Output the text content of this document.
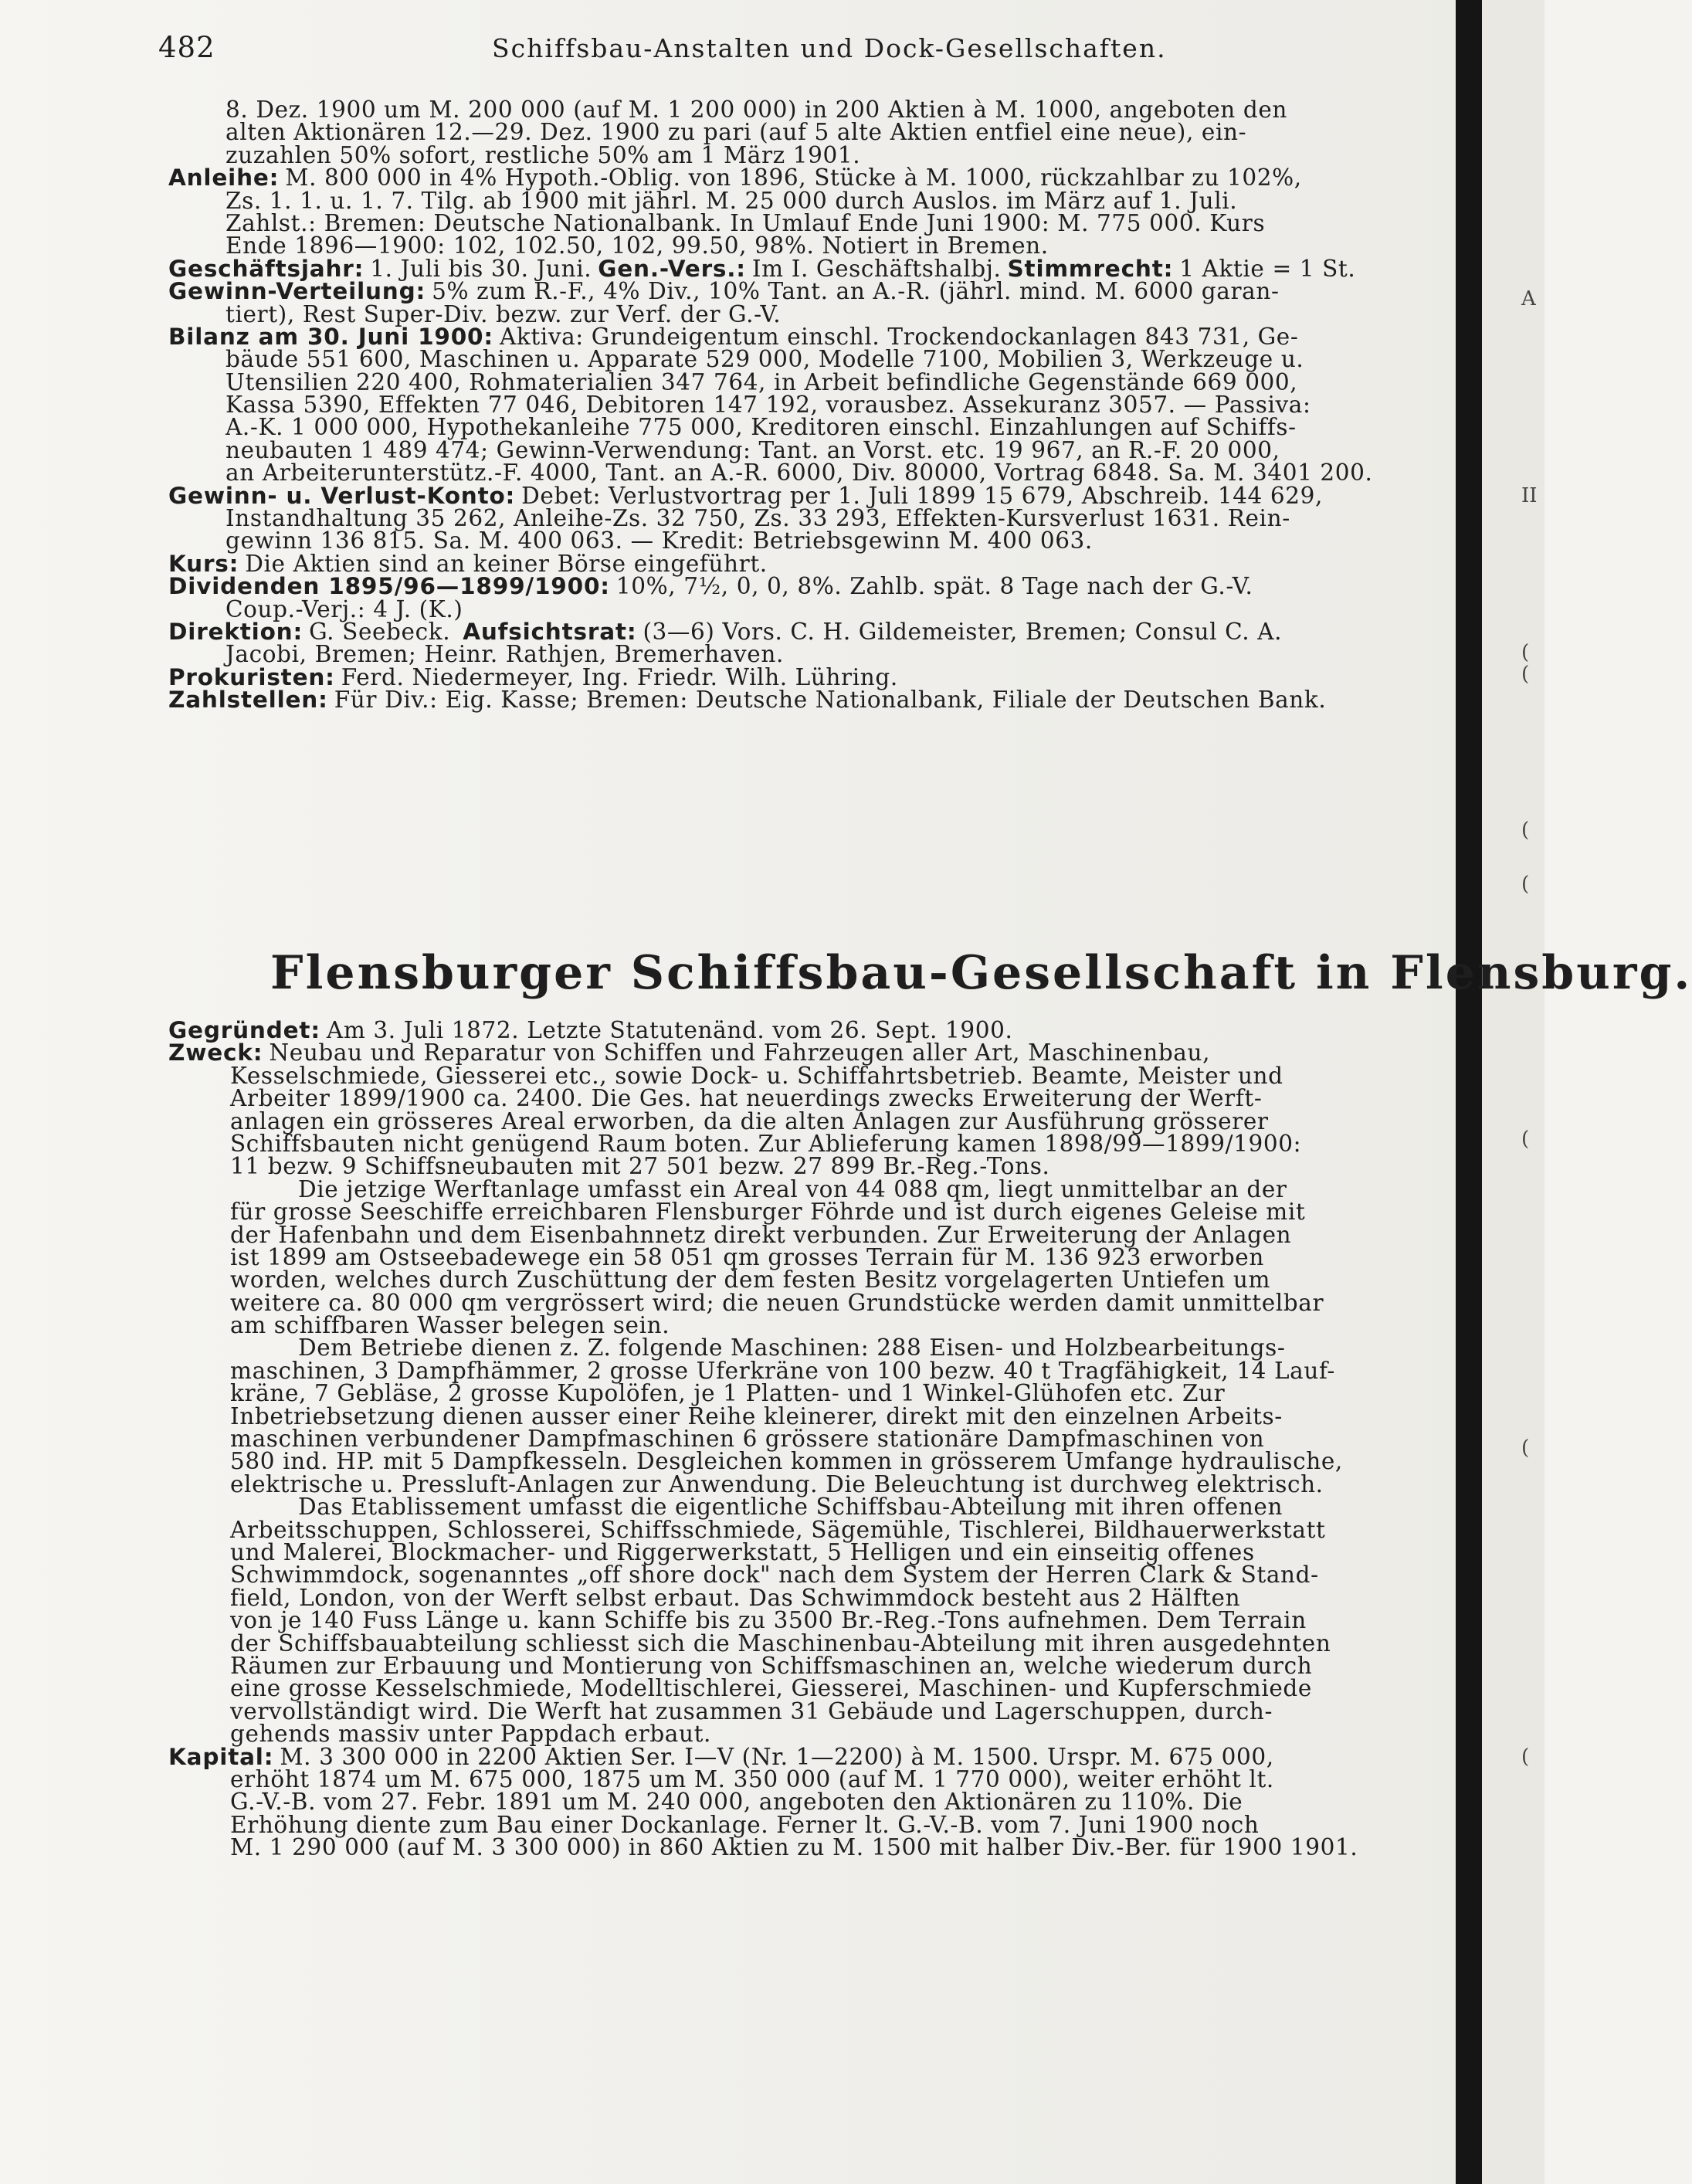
482	Schiffsbau-Anstalten und Dock-Gesellschaften.
8. Dez. 1900 um M. 200 000 (auf M. 1 200 000) in 200 Aktien à M. 1000, angeboten den
alten Aktionären 12.—29. Dez. 1900 zu pari (auf 5 alte Aktien entfiel eine neue), ein-
zuzahlen 50% sofort, restliche 50% am 1 März 1901.
Anleihe: M. 800 000 in 4% Hypoth.-Oblig. von 1896, Stücke à M. 1000, rückzahlbar zu 102%,
Zs. 1. 1. u. 1. 7. Tilg. ab 1900 mit jährl. M. 25 000 durch Auslos. im März auf 1. Juli.
Zahlst.: Bremen: Deutsche Nationalbank. In Umlauf Ende Juni 1900: M. 775 000. Kurs
Ende 1896—1900: 102, 102.50, 102, 99.50, 98%. Notiert in Bremen.
Geschäftsjahr: 1. Juli bis 30. Juni. Gen.-Vers.: Im I. Geschäftshalbj. Stimmrecht: 1 Aktie = 1 St.
Gewinn-Verteilung: 5% zum R.-F., 4% Div., 10% Tant. an A.-R. (jährl. mind. M. 6000 garan-
tiert), Rest Super-Div. bezw. zur Verf. der G.-V.
Bilanz am 30. Juni 1900: Aktiva: Grundeigentum einschl. Trockendockanlagen 843 731, Ge-
bäude 551 600, Maschinen u. Apparate 529 000, Modelle 7100, Mobilien 3, Werkzeuge u.
Utensilien 220 400, Rohmaterialien 347 764, in Arbeit befindliche Gegenstände 669 000,
Kassa 5390, Effekten 77 046, Debitoren 147 192, vorausbez. Assekuranz 3057. — Passiva:
A.-K. 1 000 000, Hypothekanleihe 775 000, Kreditoren einschl. Einzahlungen auf Schiffs-
neubauten 1 489 474; Gewinn-Verwendung: Tant. an Vorst. etc. 19 967, an R.-F. 20 000,
an Arbeiterunterstütz.-F. 4000, Tant. an A.-R. 6000, Div. 80000, Vortrag 6848. Sa. M. 3401 200.
Gewinn- u. Verlust-Konto: Debet: Verlustvortrag per 1. Juli 1899 15 679, Abschreib. 144 629,
Instandhaltung 35 262, Anleihe-Zs. 32 750, Zs. 33 293, Effekten-Kursverlust 1631. Rein-
gewinn 136 815. Sa. M. 400 063. — Kredit: Betriebsgewinn M. 400 063.
Kurs: Die Aktien sind an keiner Börse eingeführt.
Dividenden 1895/96—1899/1900: 10%, 7½, 0, 0, 8%. Zahlb. spät. 8 Tage nach der G.-V.
Coup.-Verj.: 4 J. (K.)
Direktion: G. Seebeck. Aufsichtsrat: (3—6) Vors. C. H. Gildemeister, Bremen; Consul C. A.
Jacobi, Bremen; Heinr. Rathjen, Bremerhaven.
Prokuristen: Ferd. Niedermeyer, Ing. Friedr. Wilh. Lühring.
Zahlstellen: Für Div.: Eig. Kasse; Bremen: Deutsche Nationalbank, Filiale der Deutschen Bank.
Flensburger Schiffsbau-Gesellschaft in Flensburg.
Gegründet: Am 3. Juli 1872. Letzte Statutenänd. vom 26. Sept. 1900.
Zweck: Neubau und Reparatur von Schiffen und Fahrzeugen aller Art, Maschinenbau,
Kesselschmiede, Giesserei etc., sowie Dock- u. Schiffahrtsbetrieb. Beamte, Meister und
Arbeiter 1899/1900 ca. 2400. Die Ges. hat neuerdings zwecks Erweiterung der Werft-
anlagen ein grösseres Areal erworben, da die alten Anlagen zur Ausführung grösserer
Schiffsbauten nicht genügend Raum boten. Zur Ablieferung kamen 1898/99—1899/1900:
11 bezw. 9 Schiffsneubauten mit 27 501 bezw. 27 899 Br.-Reg.-Tons.
Die jetzige Werftanlage umfasst ein Areal von 44 088 qm, liegt unmittelbar an der
für grosse Seeschiffe erreichbaren Flensburger Föhrde und ist durch eigenes Geleise mit
der Hafenbahn und dem Eisenbahnnetz direkt verbunden. Zur Erweiterung der Anlagen
ist 1899 am Ostseebadewege ein 58 051 qm grosses Terrain für M. 136 923 erworben
worden, welches durch Zuschüttung der dem festen Besitz vorgelagerten Untiefen um
weitere ca. 80 000 qm vergrössert wird; die neuen Grundstücke werden damit unmittelbar
am schiffbaren Wasser belegen sein.
Dem Betriebe dienen z. Z. folgende Maschinen: 288 Eisen- und Holzbearbeitungs-
maschinen, 3 Dampfhämmer, 2 grosse Uferkräne von 100 bezw. 40 t Tragfähigkeit, 14 Lauf-
kräne, 7 Gebläse, 2 grosse Kupolöfen, je 1 Platten- und 1 Winkel-Glühofen etc. Zur
Inbetriebsetzung dienen ausser einer Reihe kleinerer, direkt mit den einzelnen Arbeits-
maschinen verbundener Dampfmaschinen 6 grössere stationäre Dampfmaschinen von
580 ind. HP. mit 5 Dampfkesseln. Desgleichen kommen in grösserem Umfange hydraulische,
elektrische u. Pressluft-Anlagen zur Anwendung. Die Beleuchtung ist durchweg elektrisch.
Das Etablissement umfasst die eigentliche Schiffsbau-Abteilung mit ihren offenen
Arbeitsschuppen, Schlosserei, Schiffsschmiede, Sägemühle, Tischlerei, Bildhauerwerkstatt
und Malerei, Blockmacher- und Riggerwerkstatt, 5 Helligen und ein einseitig offenes
Schwimmdock, sogenanntes „off shore dock" nach dem System der Herren Clark & Stand-
field, London, von der Werft selbst erbaut. Das Schwimmdock besteht aus 2 Hälften
von je 140 Fuss Länge u. kann Schiffe bis zu 3500 Br.-Reg.-Tons aufnehmen. Dem Terrain
der Schiffsbauabteilung schliesst sich die Maschinenbau-Abteilung mit ihren ausgedehnten
Räumen zur Erbauung und Montierung von Schiffsmaschinen an, welche wiederum durch
eine grosse Kesselschmiede, Modelltischlerei, Giesserei, Maschinen- und Kupferschmiede
vervollständigt wird. Die Werft hat zusammen 31 Gebäude und Lagerschuppen, durch-
gehends massiv unter Pappdach erbaut.
Kapital: M. 3 300 000 in 2200 Aktien Ser. I—V (Nr. 1—2200) à M. 1500. Urspr. M. 675 000,
erhöht 1874 um M. 675 000, 1875 um M. 350 000 (auf M. 1 770 000), weiter erhöht lt.
G.-V.-B. vom 27. Febr. 1891 um M. 240 000, angeboten den Aktionären zu 110%. Die
Erhöhung diente zum Bau einer Dockanlage. Ferner lt. G.-V.-B. vom 7. Juni 1900 noch
M. 1 290 000 (auf M. 3 300 000) in 860 Aktien zu M. 1500 mit halber Div.-Ber. für 1900 1901.
A
II
(
(
(
(
(
(
(
